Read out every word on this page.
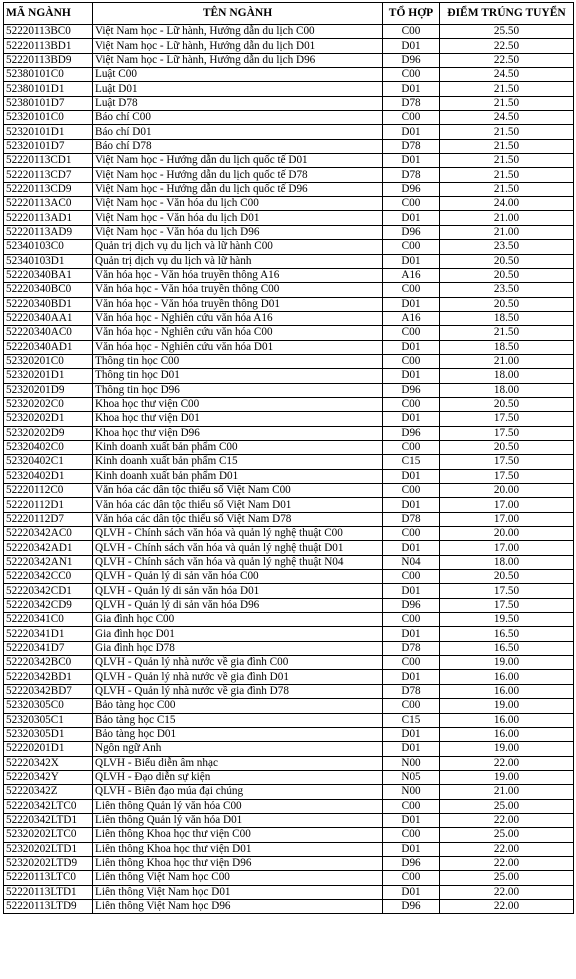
MÃ NGÀNH	TÊN NGÀNH	TỔ HỢP	ĐIỂM TRÚNG TUYỂN
52220113BC0	Việt Nam học - Lữ hành, Hướng dẫn du lịch C00	C00	25.50
52220113BD1	Việt Nam học - Lữ hành, Hướng dẫn du lịch D01	D01	22.50
52220113BD9	Việt Nam học - Lữ hành, Hướng dẫn du lịch D96	D96	22.50
52380101C0	Luật C00	C00	24.50
52380101D1	Luật D01	D01	21.50
52380101D7	Luật D78	D78	21.50
52320101C0	Báo chí C00	C00	24.50
52320101D1	Báo chí D01	D01	21.50
52320101D7	Báo chí D78	D78	21.50
52220113CD1	Việt Nam học - Hướng dẫn du lịch quốc tế D01	D01	21.50
52220113CD7	Việt Nam học - Hướng dẫn du lịch quốc tế D78	D78	21.50
52220113CD9	Việt Nam học - Hướng dẫn du lịch quốc tế D96	D96	21.50
52220113AC0	Việt Nam học - Văn hóa du lịch C00	C00	24.00
52220113AD1	Việt Nam học - Văn hóa du lịch D01	D01	21.00
52220113AD9	Việt Nam học - Văn hóa du lịch D96	D96	21.00
52340103C0	Quản trị dịch vụ du lịch và lữ hành C00	C00	23.50
52340103D1	Quản trị dịch vụ du lịch và lữ hành	D01	20.50
52220340BA1	Văn hóa học - Văn hóa truyền thông A16	A16	20.50
52220340BC0	Văn hóa học - Văn hóa truyền thông C00	C00	23.50
52220340BD1	Văn hóa học - Văn hóa truyền thông D01	D01	20.50
52220340AA1	Văn hóa học - Nghiên cứu văn hóa A16	A16	18.50
52220340AC0	Văn hóa học - Nghiên cứu văn hóa C00	C00	21.50
52220340AD1	Văn hóa học - Nghiên cứu văn hóa D01	D01	18.50
52320201C0	Thông tin học C00	C00	21.00
52320201D1	Thông tin học D01	D01	18.00
52320201D9	Thông tin học D96	D96	18.00
52320202C0	Khoa học thư viện C00	C00	20.50
52320202D1	Khoa học thư viện D01	D01	17.50
52320202D9	Khoa học thư viện D96	D96	17.50
52320402C0	Kinh doanh xuất bản phẩm C00	C00	20.50
52320402C1	Kinh doanh xuất bản phẩm C15	C15	17.50
52320402D1	Kinh doanh xuất bản phẩm D01	D01	17.50
52220112C0	Văn hóa các dân tộc thiểu số Việt Nam C00	C00	20.00
52220112D1	Văn hóa các dân tộc thiểu số Việt Nam D01	D01	17.00
52220112D7	Văn hóa các dân tộc thiểu số Việt Nam D78	D78	17.00
52220342AC0	QLVH - Chính sách văn hóa và quản lý nghệ thuật C00	C00	20.00
52220342AD1	QLVH - Chính sách văn hóa và quản lý nghệ thuật D01	D01	17.00
52220342AN1	QLVH - Chính sách văn hóa và quản lý nghệ thuật N04	N04	18.00
52220342CC0	QLVH - Quản lý di sản văn hóa C00	C00	20.50
52220342CD1	QLVH - Quản lý di sản văn hóa D01	D01	17.50
52220342CD9	QLVH - Quản lý di sản văn hóa D96	D96	17.50
52220341C0	Gia đình học C00	C00	19.50
52220341D1	Gia đình học D01	D01	16.50
52220341D7	Gia đình học D78	D78	16.50
52220342BC0	QLVH - Quản lý nhà nước về gia đình C00	C00	19.00
52220342BD1	QLVH - Quản lý nhà nước về gia đình D01	D01	16.00
52220342BD7	QLVH - Quản lý nhà nước về gia đình D78	D78	16.00
52320305C0	Bảo tàng học C00	C00	19.00
52320305C1	Bảo tàng học C15	C15	16.00
52320305D1	Bảo tàng học D01	D01	16.00
52220201D1	Ngôn ngữ Anh	D01	19.00
52220342X	QLVH - Biểu diễn âm nhạc	N00	22.00
52220342Y	QLVH - Đạo diễn sự kiện	N05	19.00
52220342Z	QLVH - Biên đạo múa đại chúng	N00	21.00
52220342LTC0	Liên thông Quản lý văn hóa C00	C00	25.00
52220342LTD1	Liên thông Quản lý văn hóa D01	D01	22.00
52320202LTC0	Liên thông Khoa học thư viện C00	C00	25.00
52320202LTD1	Liên thông Khoa học thư viện D01	D01	22.00
52320202LTD9	Liên thông Khoa học thư viện D96	D96	22.00
52220113LTC0	Liên thông Việt Nam học C00	C00	25.00
52220113LTD1	Liên thông Việt Nam học D01	D01	22.00
52220113LTD9	Liên thông Việt Nam học D96	D96	22.00
